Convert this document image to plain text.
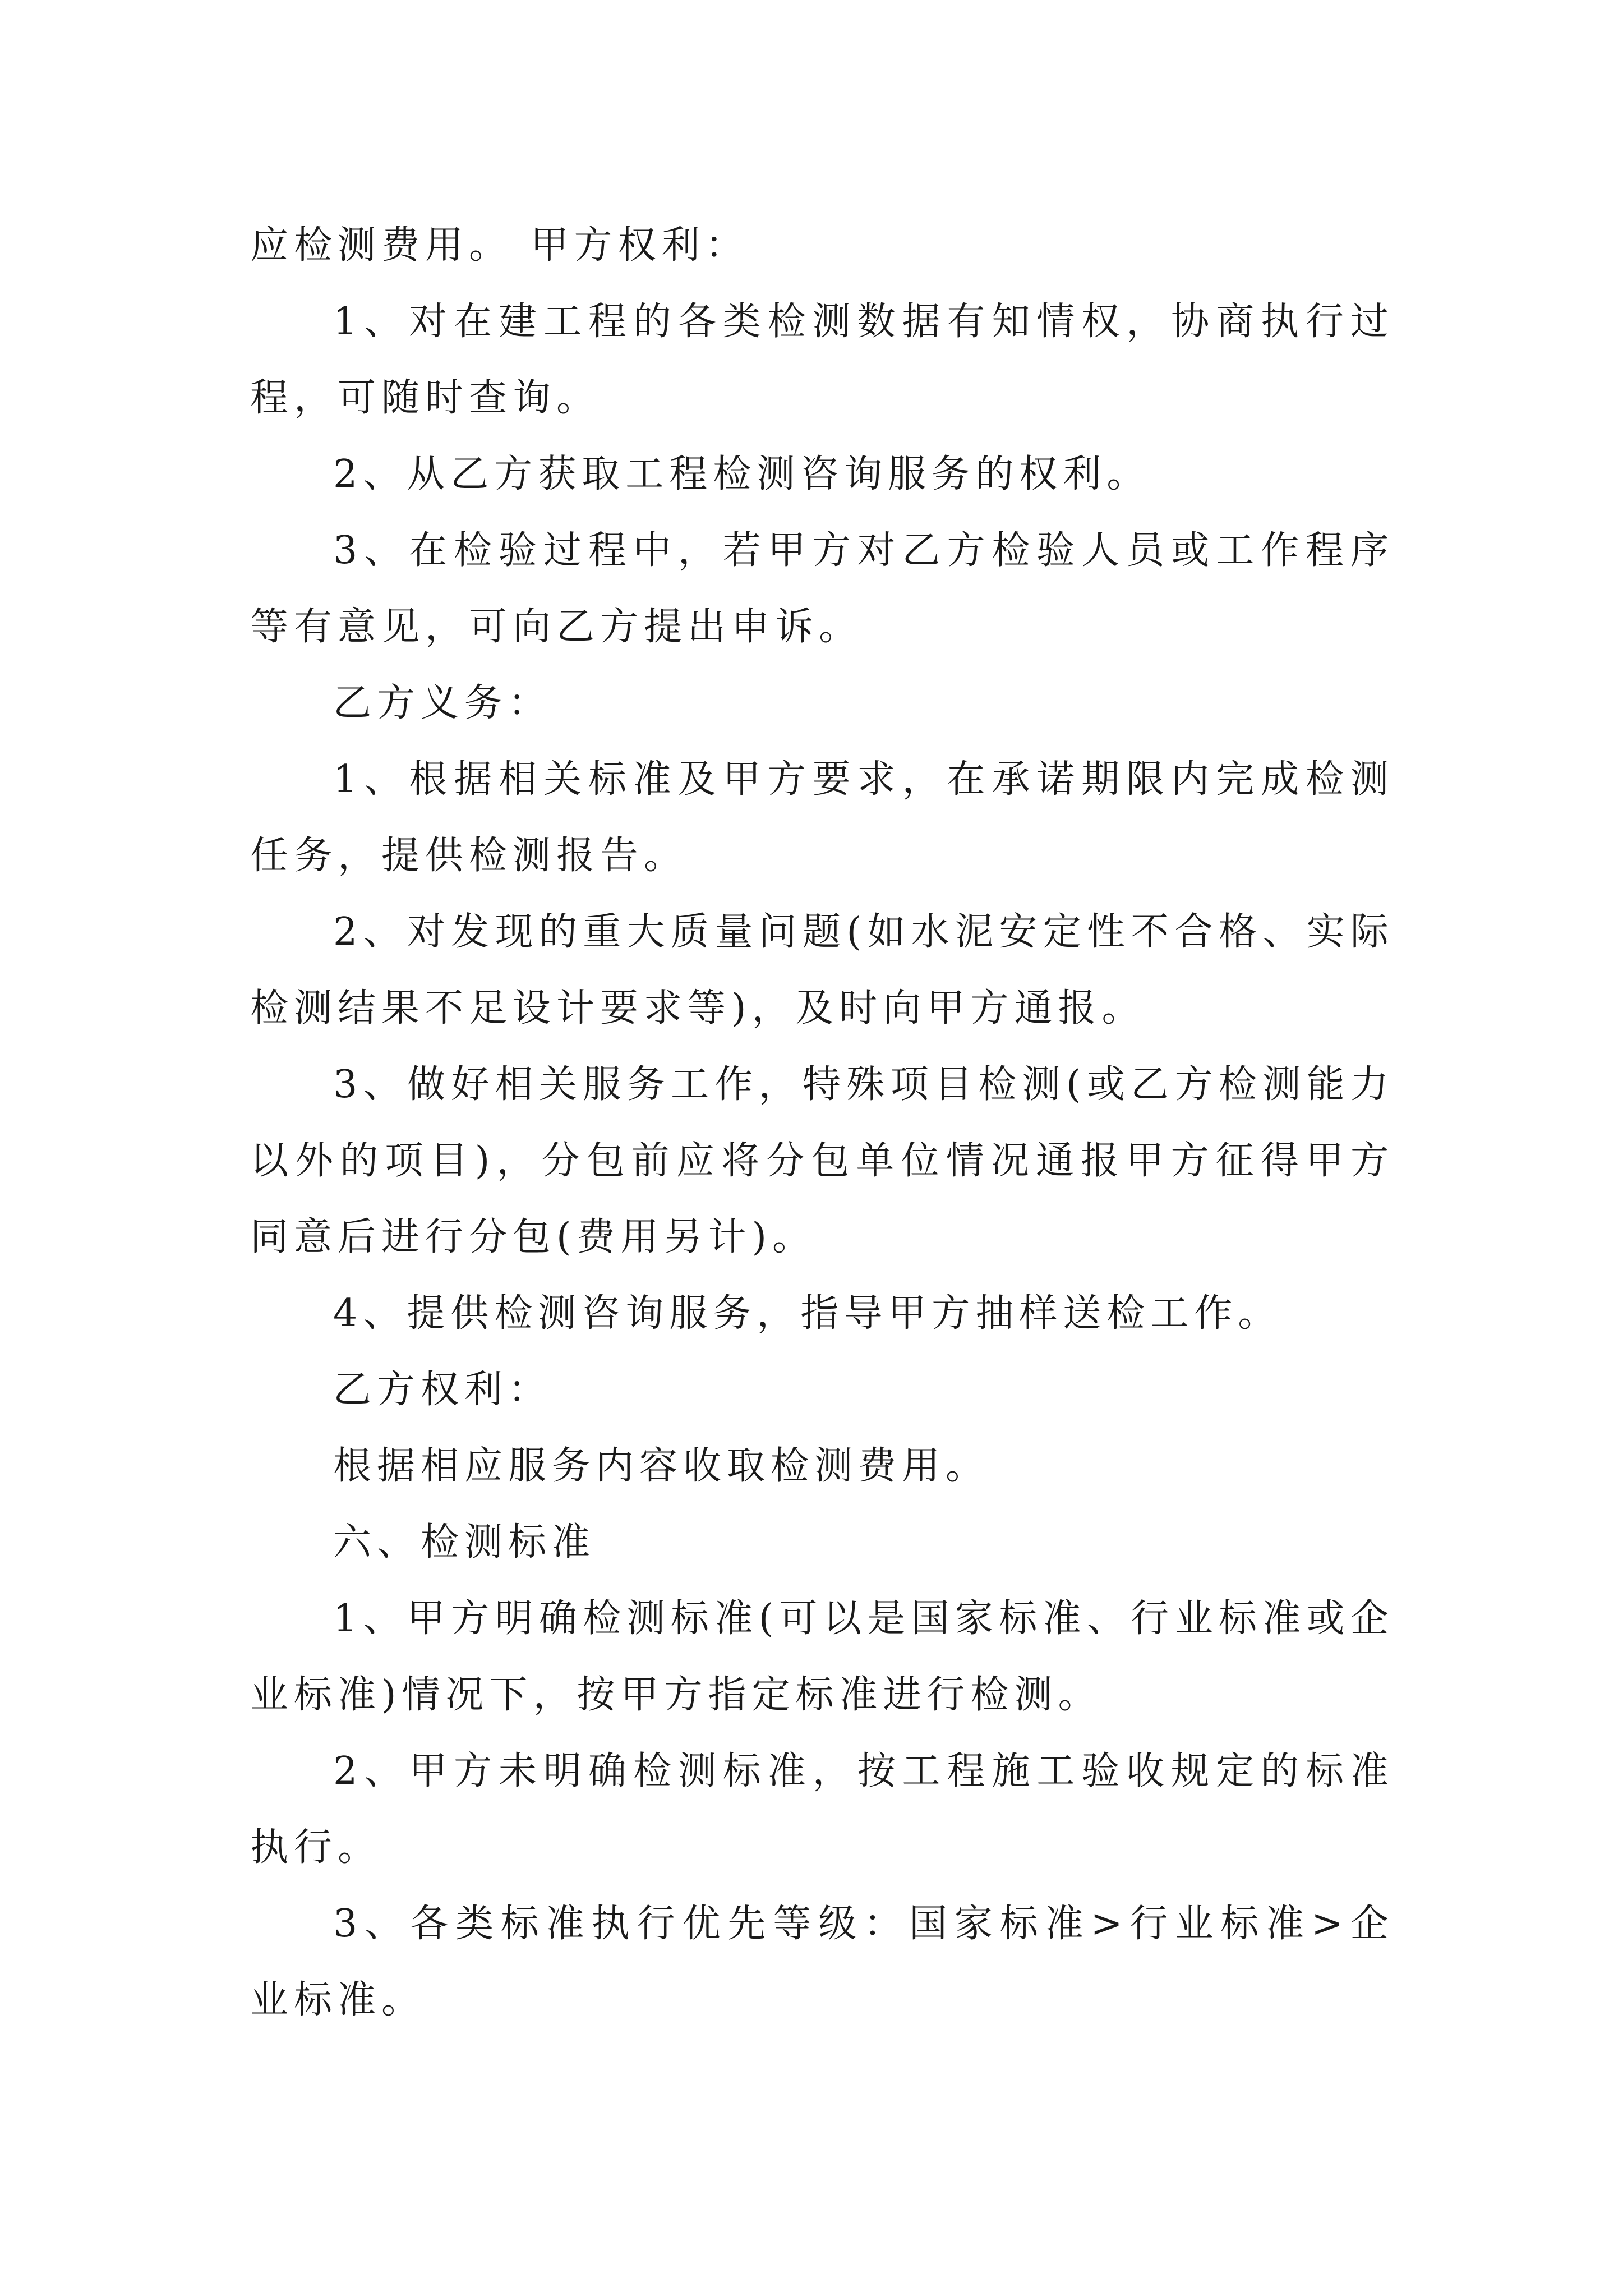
应检测费用。 甲方权利：

1、对在建工程的各类检测数据有知情权，协商执行过程，可随时查询。

2、从乙方获取工程检测咨询服务的权利。

3、在检验过程中，若甲方对乙方检验人员或工作程序等有意见，可向乙方提出申诉。

乙方义务：

1、根据相关标准及甲方要求，在承诺期限内完成检测任务，提供检测报告。

2、对发现的重大质量问题(如水泥安定性不合格、实际检测结果不足设计要求等)，及时向甲方通报。

3、做好相关服务工作，特殊项目检测(或乙方检测能力以外的项目)，分包前应将分包单位情况通报甲方征得甲方同意后进行分包(费用另计)。

4、提供检测咨询服务，指导甲方抽样送检工作。

乙方权利：

根据相应服务内容收取检测费用。

六、检测标准

1、甲方明确检测标准(可以是国家标准、行业标准或企业标准)情况下，按甲方指定标准进行检测。

2、甲方未明确检测标准，按工程施工验收规定的标准执行。

3、各类标准执行优先等级：国家标准>行业标准>企业标准。
